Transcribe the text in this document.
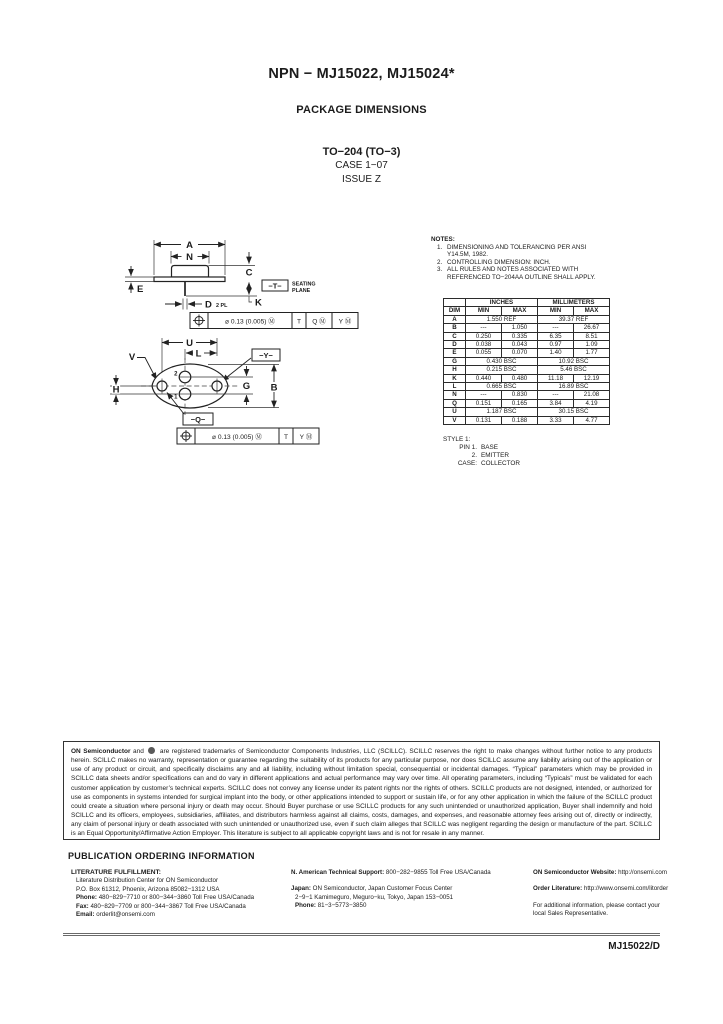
NPN − MJ15022, MJ15024*
PACKAGE DIMENSIONS
TO−204 (TO−3)
CASE 1−07
ISSUE Z
A
N
C
−T− SEATING
PLANE
E
K
D 2 PL
⌀ 0.13 (0.005) Ⓜ	T Q Ⓜ Y Ⓜ
U
L	−Y−
V
2
1
G B
H
−Q−
⌀ 0.13 (0.005) Ⓜ	T Y Ⓜ
NOTES:
1. DIMENSIONING AND TOLERANCING PER ANSI
Y14.5M, 1982.
2. CONTROLLING DIMENSION: INCH.
3. ALL RULES AND NOTES ASSOCIATED WITH
REFERENCED TO−204AA OUTLINE SHALL APPLY.
	INCHES		MILLIMETERS	
DIM	MIN	MAX	MIN	MAX
A	1.550 REF		39.37 REF	
B	---	1.050	---	26.67
C	0.250	0.335	6.35	8.51
D	0.038	0.043	0.97	1.09
E	0.055	0.070	1.40	1.77
G	0.430 BSC		10.92 BSC	
H	0.215 BSC		5.46 BSC	
K	0.440	0.480	11.18	12.19
L	0.665 BSC		16.89 BSC	
N	---	0.830	---	21.08
Q	0.151	0.165	3.84	4.19
U	1.187 BSC		30.15 BSC	
V	0.131	0.188	3.33	4.77
STYLE 1:
PIN 1. BASE
2. EMITTER
CASE: COLLECTOR
ON Semiconductor and  are registered trademarks of Semiconductor Components Industries, LLC (SCILLC). SCILLC reserves the right to make changes without further notice to any products herein. SCILLC makes no warranty, representation or guarantee regarding the suitability of its products for any particular purpose, nor does SCILLC assume any liability arising out of the application or use of any product or circuit, and specifically disclaims any and all liability, including without limitation special, consequential or incidental damages. “Typical” parameters which may be provided in SCILLC data sheets and/or specifications can and do vary in different applications and actual performance may vary over time. All operating parameters, including “Typicals” must be validated for each customer application by customer’s technical experts. SCILLC does not convey any license under its patent rights nor the rights of others. SCILLC products are not designed, intended, or authorized for use as components in systems intended for surgical implant into the body, or other applications intended to support or sustain life, or for any other application in which the failure of the SCILLC product could create a situation where personal injury or death may occur. Should Buyer purchase or use SCILLC products for any such unintended or unauthorized application, Buyer shall indemnify and hold SCILLC and its officers, employees, subsidiaries, affiliates, and distributors harmless against all claims, costs, damages, and expenses, and reasonable attorney fees arising out of, directly or indirectly, any claim of personal injury or death associated with such unintended or unauthorized use, even if such claim alleges that SCILLC was negligent regarding the design or manufacture of the part. SCILLC is an Equal Opportunity/Affirmative Action Employer. This literature is subject to all applicable copyright laws and is not for resale in any manner.
PUBLICATION ORDERING INFORMATION
LITERATURE FULFILLMENT:
Literature Distribution Center for ON Semiconductor
P.O. Box 61312, Phoenix, Arizona 85082−1312 USA
Phone: 480−829−7710 or 800−344−3860 Toll Free USA/Canada
Fax: 480−829−7709 or 800−344−3867 Toll Free USA/Canada
Email: orderlit@onsemi.com
N. American Technical Support: 800−282−9855 Toll Free USA/Canada
Japan: ON Semiconductor, Japan Customer Focus Center
2−9−1 Kamimeguro, Meguro−ku, Tokyo, Japan 153−0051
Phone: 81−3−5773−3850
ON Semiconductor Website: http://onsemi.com
Order Literature: http://www.onsemi.com/litorder
For additional information, please contact your local Sales Representative.
MJ15022/D
